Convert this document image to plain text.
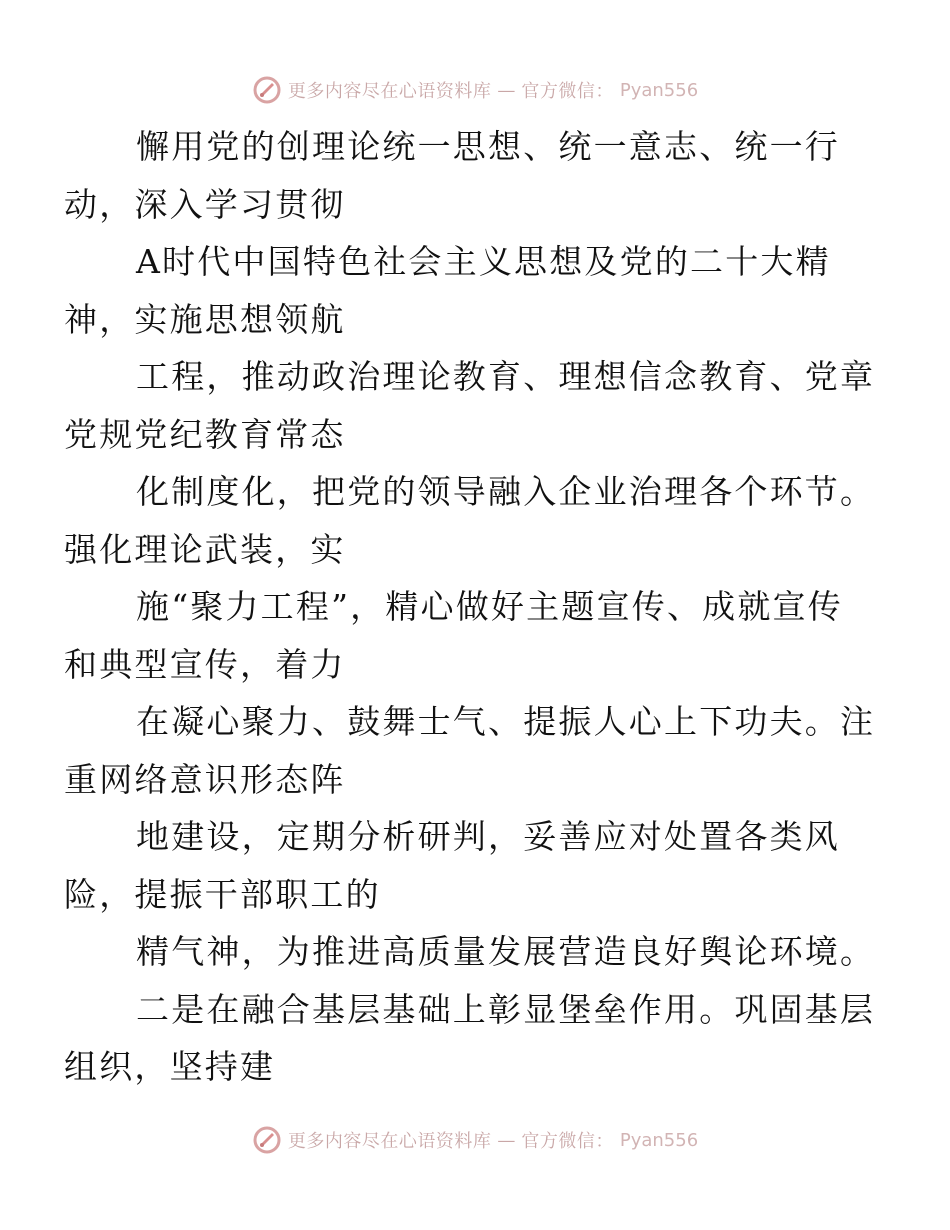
更多内容尽在心语资料库 — 官方微信： Pyan556

懈用党的创理论统一思想、统一意志、统一行
动，深入学习贯彻

A时代中国特色社会主义思想及党的二十大精
神，实施思想领航

工程，推动政治理论教育、理想信念教育、党章
党规党纪教育常态

化制度化，把党的领导融入企业治理各个环节。
强化理论武装，实

施“聚力工程”，精心做好主题宣传、成就宣传
和典型宣传，着力

在凝心聚力、鼓舞士气、提振人心上下功夫。注
重网络意识形态阵

地建设，定期分析研判，妥善应对处置各类风
险，提振干部职工的

精气神，为推进高质量发展营造良好舆论环境。

二是在融合基层基础上彰显堡垒作用。巩固基层
组织，坚持建

更多内容尽在心语资料库 — 官方微信： Pyan556
